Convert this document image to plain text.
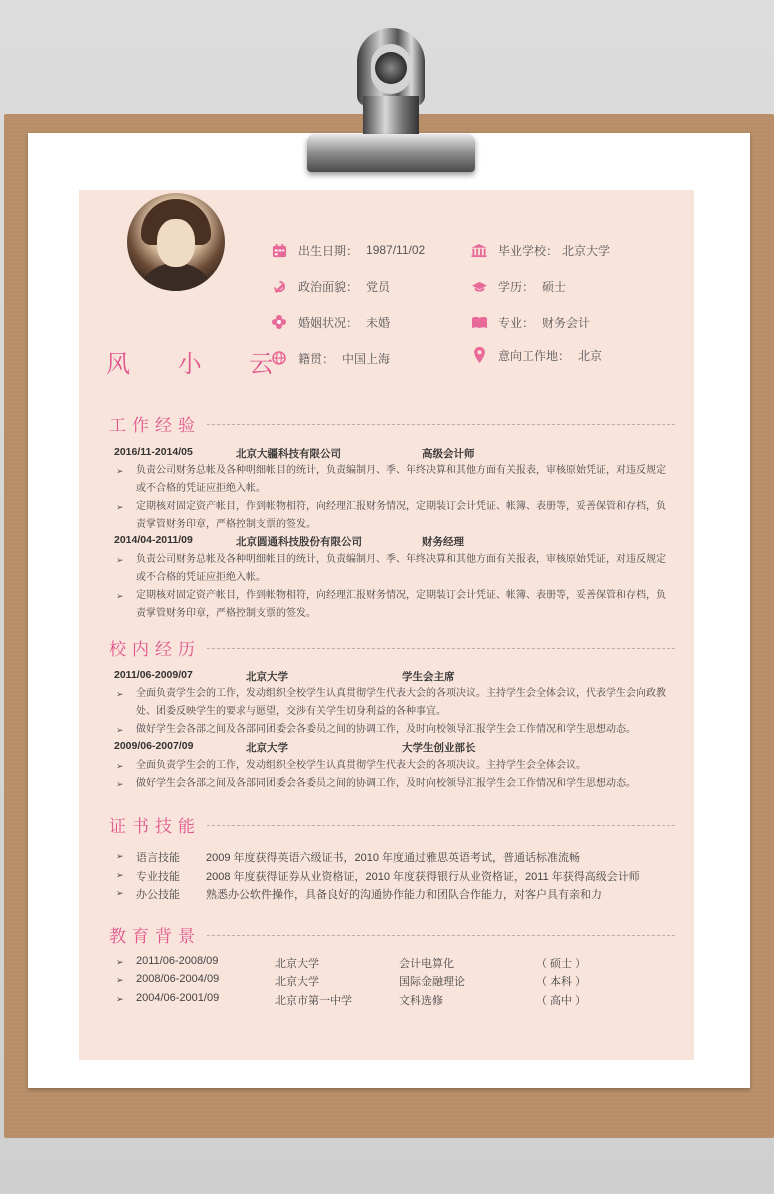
风 小 云
出生日期： 1987/11/02
政治面貌： 党员
婚姻状况： 未婚
籍贯： 中国上海
毕业学校： 北京大学
学历： 硕士
专业： 财务会计
意向工作地： 北京
工作经验
2016/11-2014/05	北京大疆科技有限公司	高级会计师
➢	负责公司财务总帐及各种明细帐目的统计，负责编制月、季、年终决算和其他方面有关报表，审核原始凭证，对违反规定或不合格的凭证应拒绝入帐。
➢	定期核对固定资产帐目，作到帐物相符，向经理汇报财务情况，定期装订会计凭证、帐簿、表册等，妥善保管和存档，负责掌管财务印章，严格控制支票的签发。
2014/04-2011/09	北京圆通科技股份有限公司	财务经理
➢	负责公司财务总帐及各种明细帐目的统计，负责编制月、季、年终决算和其他方面有关报表，审核原始凭证，对违反规定或不合格的凭证应拒绝入帐。
➢	定期核对固定资产帐目，作到帐物相符，向经理汇报财务情况，定期装订会计凭证、帐簿、表册等，妥善保管和存档，负责掌管财务印章，严格控制支票的签发。
校内经历
2011/06-2009/07	北京大学	学生会主席
➢	全面负责学生会的工作，发动组织全校学生认真贯彻学生代表大会的各项决议。主持学生会全体会议，代表学生会向政教处、团委反映学生的要求与愿望，交涉有关学生切身利益的各种事宜。
➢	做好学生会各部之间及各部同团委会各委员之间的协调工作，及时向校领导汇报学生会工作情况和学生思想动态。
2009/06-2007/09	北京大学	大学生创业部长
➢	全面负责学生会的工作，发动组织全校学生认真贯彻学生代表大会的各项决议。主持学生会全体会议。
➢	做好学生会各部之间及各部同团委会各委员之间的协调工作，及时向校领导汇报学生会工作情况和学生思想动态。
证书技能
➢ 语言技能 2009 年度获得英语六级证书，2010 年度通过雅思英语考试，普通话标准流畅
➢ 专业技能 2008 年度获得证券从业资格证，2010 年度获得银行从业资格证，2011 年获得高级会计师
➢ 办公技能 熟悉办公软件操作，具备良好的沟通协作能力和团队合作能力，对客户具有亲和力
教育背景
➢ 2011/06-2008/09	北京大学	会计电算化	（ 硕士 ）
➢ 2008/06-2004/09	北京大学	国际金融理论	（ 本科 ）
➢ 2004/06-2001/09	北京市第一中学	文科选修	（ 高中 ）
